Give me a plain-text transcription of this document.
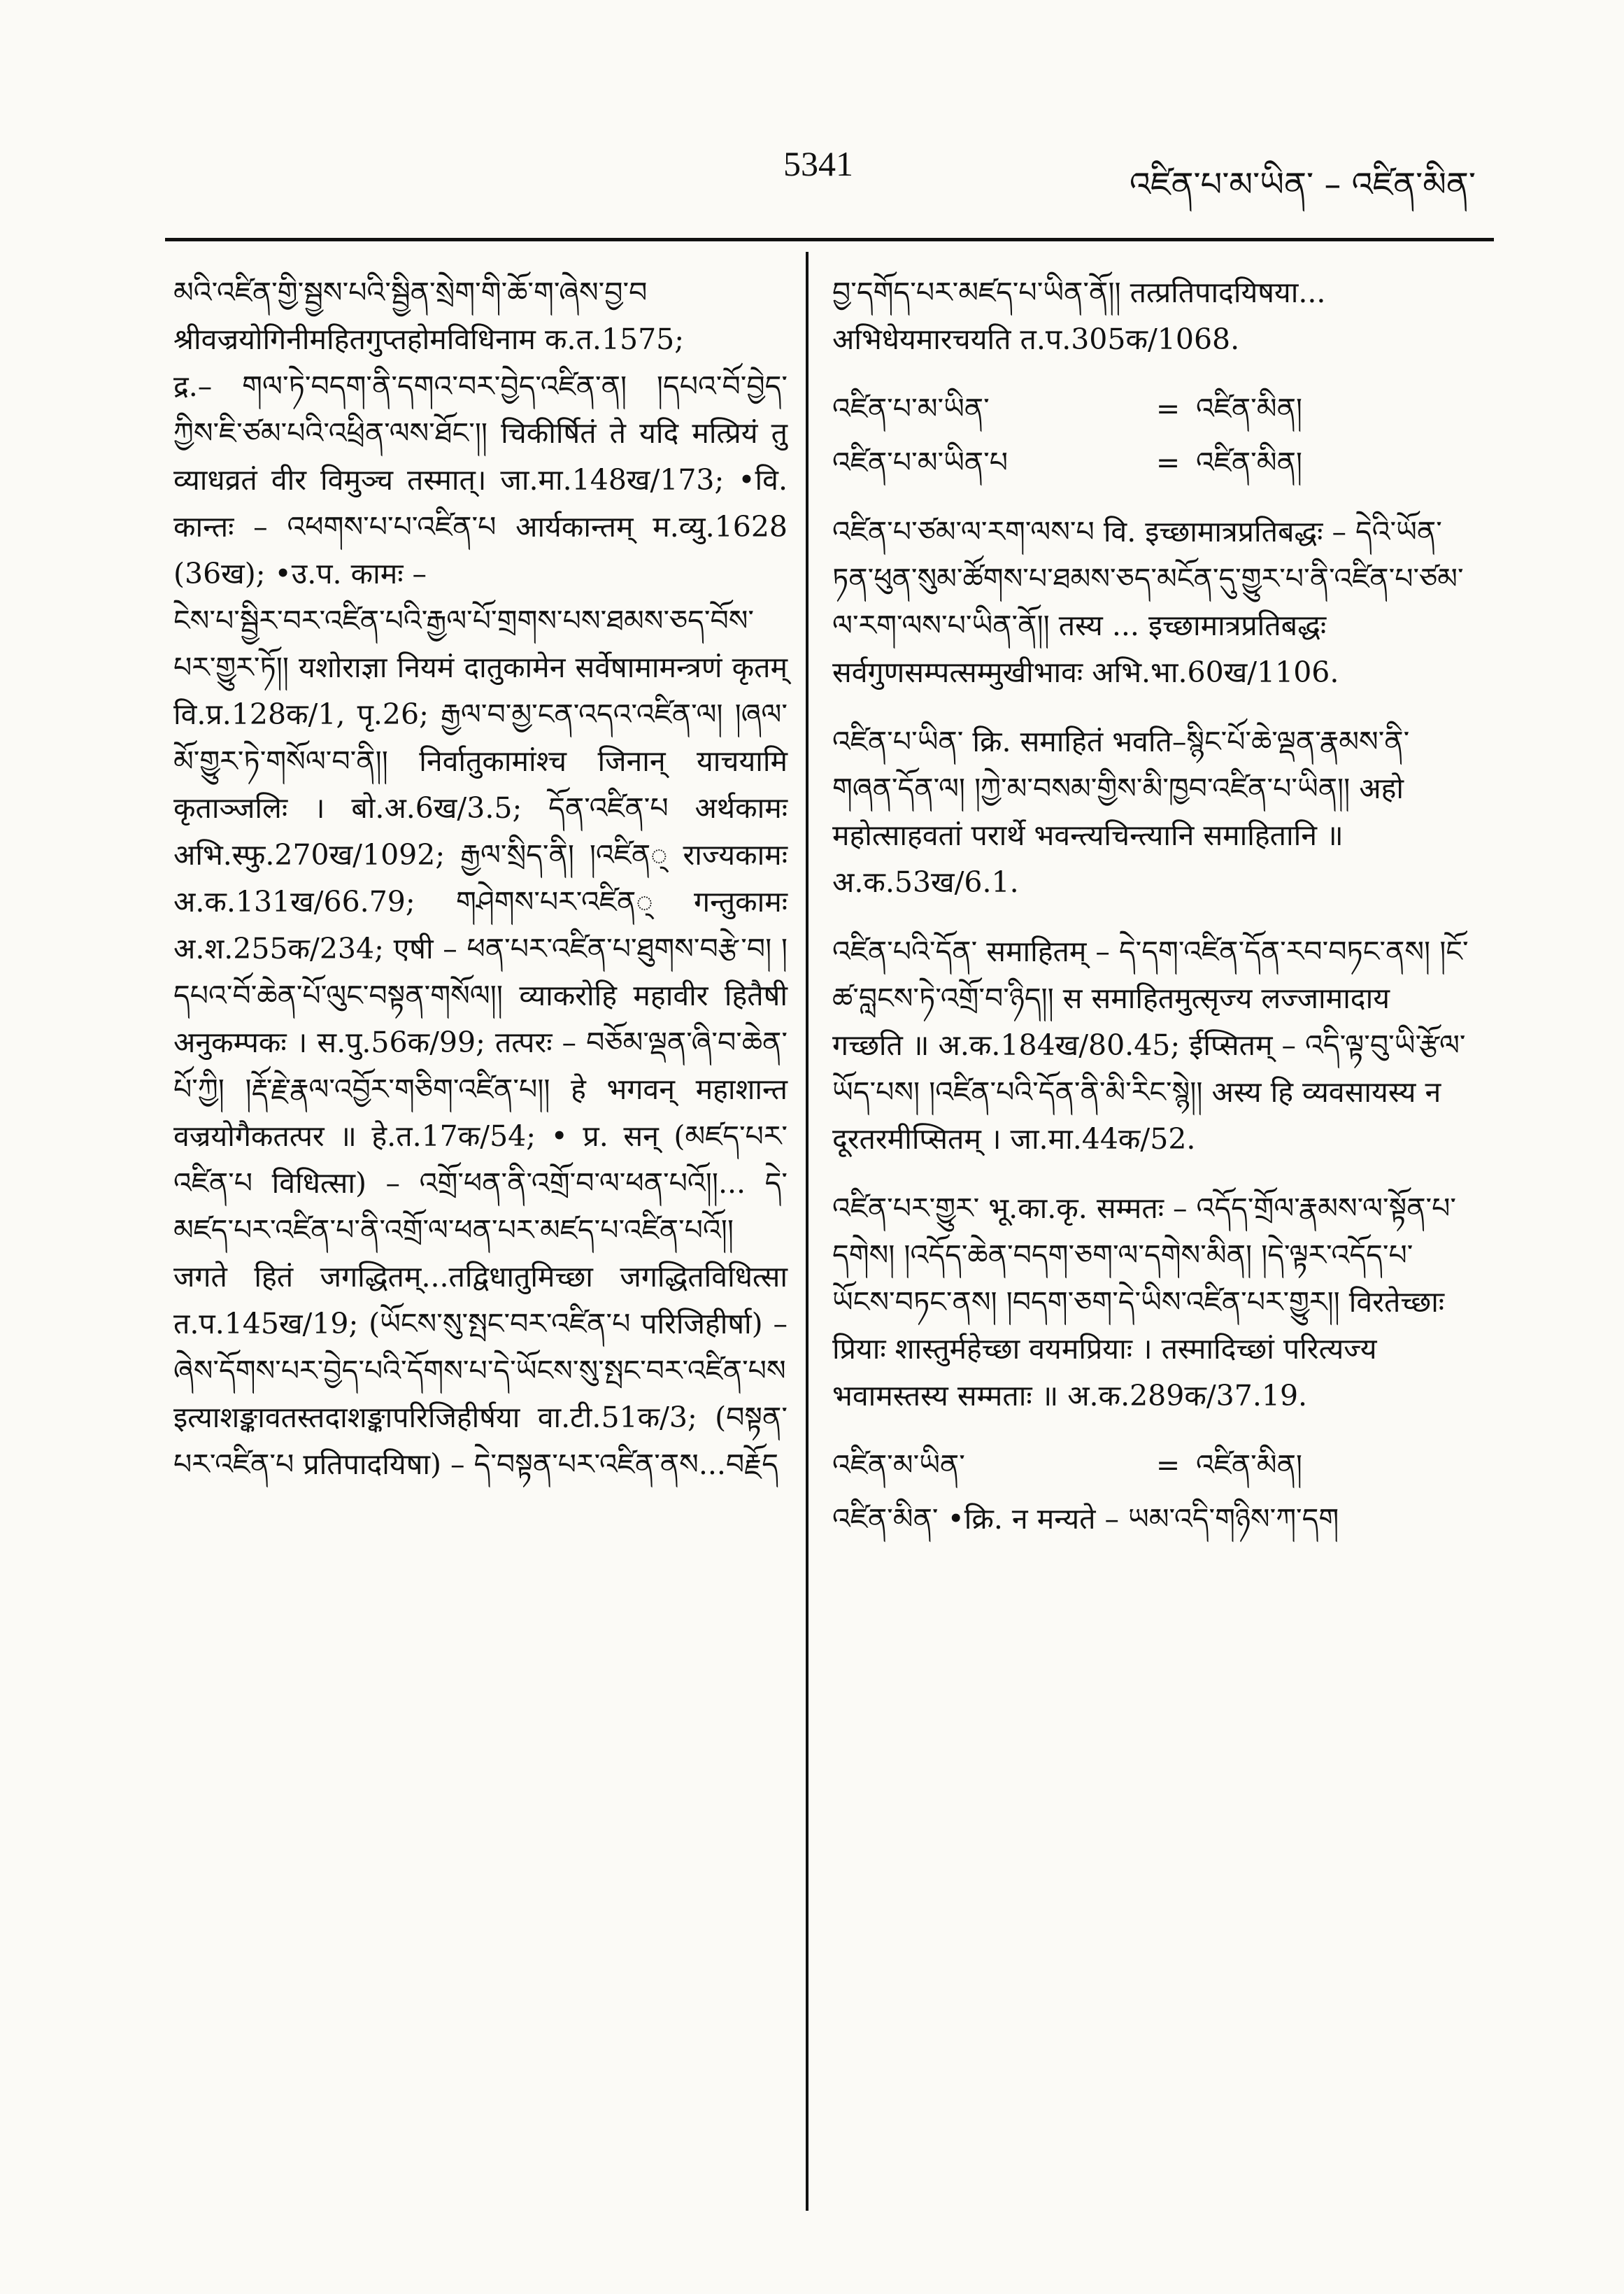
5341
འཛིན་པ་མ་ཡིན་ – འཛིན་མིན་

མའི་འཛིན་གྱི་སྦྱས་པའི་སྦྱིན་སྲེག་གི་ཆོ་ག་ཞེས་བྱ་བ श्रीवज्रयोगिनीमहितगुप्तहोमविधिनाम क.त.1575;

द्र.– གལ་ཏེ་བདག་ནི་དགའ་བར་བྱེད་འཛིན་ན། །དཔའ་བོ་བྱེད་ཀྱིས་ཇི་ཙམ་པའི་འཕྲིན་ལས་ཐོང་།། चिकीर्षितं ते यदि मत्प्रियं तु व्याधव्रतं वीर विमुञ्च तस्मात्। जा.मा.148ख/173; •वि. कान्तः – འཕགས་པ་པ་འཛིན་པ आर्यकान्तम् म.व्यु.1628 (36ख); •उ.प. कामः –

ངེས་པ་སྦྱིར་བར་འཛིན་པའི་རྒྱལ་པོ་གྲགས་པས་ཐམས་ཅད་བོས་པར་གྱུར་ཏོ།། यशोराज्ञा नियमं दातुकामेन सर्वेषामामन्त्रणं कृतम् वि.प्र.128क/1, पृ.26; རྒྱལ་བ་མྱ་ངན་འདའ་འཛིན་ལ། །ཞལ་མོ་གྱུར་ཏེ་གསོལ་བ་ནི།། निर्वातुकामांश्च जिनान् याचयामि कृताञ्जलिः । बो.अ.6ख/3.5; དོན་འཛིན་པ अर्थकामः अभि.स्फु.270ख/1092; རྒྱལ་སྲིད་ནི། །འཛིན् राज्यकामः अ.क.131ख/66.79; གཤེགས་པར་འཛིན् गन्तुकामः अ.श.255क/234; एषी – ཕན་པར་འཛིན་པ་ཐུགས་བརྩེ་བ། །དཔའ་བོ་ཆེན་པོ་ལུང་བསྟན་གསོལ།། व्याकरोहि महावीर हितैषी अनुकम्पकः । स.पु.56क/99; तत्परः – བཅོམ་ལྡན་ཞི་བ་ཆེན་པོ་ཀྱི། །རྡོ་རྗེ་རྣལ་འབྱོར་གཅིག་འཛིན་པ།། हे भगवन् महाशान्त वज्रयोगैकतत्पर ॥ हे.त.17क/54; • प्र. सन् (མཛད་པར་འཛིན་པ विधित्सा) – འགྲོ་ཕན་ནི་འགྲོ་བ་ལ་ཕན་པའོ།།... དེ་མཛད་པར་འཛིན་པ་ནི་འགྲོ་ལ་ཕན་པར་མཛད་པ་འཛིན་པའོ།། जगते हितं जगद्धितम्...तद्विधातुमिच्छा जगद्धितविधित्सा त.प.145ख/19; (ཡོངས་སུ་སྤང་བར་འཛིན་པ परिजिहीर्षा) – ཞེས་དོགས་པར་བྱེད་པའི་དོགས་པ་དེ་ཡོངས་སུ་སྤང་བར་འཛིན་པས इत्याशङ्कावतस्तदाशङ्कापरिजिहीर्षया वा.टी.51क/3; (བསྟན་པར་འཛིན་པ प्रतिपादयिषा) – དེ་བསྟན་པར་འཛིན་ནས...བརྗོད

བྱ་དགོད་པར་མཛད་པ་ཡིན་ནོ།། तत्प्रतिपादयिषया... अभिधेयमारचयति त.प.305क/1068.

འཛིན་པ་མ་ཡིན་	= འཛིན་མིན།

འཛིན་པ་མ་ཡིན་པ	= འཛིན་མིན།

འཛིན་པ་ཙམ་ལ་རག་ལས་པ वि. इच्छामात्रप्रतिबद्धः – དེའི་ཡོན་ཏན་ཕུན་སུམ་ཚོགས་པ་ཐམས་ཅད་མངོན་དུ་གྱུར་པ་ནི་འཛིན་པ་ཙམ་ལ་རག་ལས་པ་ཡིན་ནོ།། तस्य ... इच्छामात्रप्रतिबद्धः सर्वगुणसम्पत्सम्मुखीभावः अभि.भा.60ख/1106.

འཛིན་པ་ཡིན་ क्रि. समाहितं भवति–སྙིང་པོ་ཆེ་ལྡན་རྣམས་ནི་གཞན་དོན་ལ། །ཀྱེ་མ་བསམ་གྱིས་མི་ཁྱབ་འཛིན་པ་ཡིན།། अहो महोत्साहवतां परार्थे भवन्त्यचिन्त्यानि समाहितानि ॥ अ.क.53ख/6.1.

འཛིན་པའི་དོན་ समाहितम् – དེ་དག་འཛིན་དོན་རབ་བཏང་ནས། །ངོ་ཚ་བླངས་ཏེ་འགྲོ་བ་ཉིད།། स समाहितमुत्सृज्य लज्जामादाय गच्छति ॥ अ.क.184ख/80.45; ईप्सितम् – འདི་ལྟ་བུ་ཡི་རྩོལ་ཡོད་པས། །འཛིན་པའི་དོན་ནི་མི་རིང་སྙེ།། अस्य हि व्यवसायस्य न दूरतरमीप्सितम् । जा.मा.44क/52.

འཛིན་པར་གྱུར་ भू.का.कृ. सम्मतः – འདོད་གྲོལ་རྣམས་ལ་སྟོན་པ་དགེས། །འདོད་ཆེན་བདག་ཅག་ལ་དགེས་མིན། །དེ་ལྟར་འདོད་པ་ཡོངས་བཏང་ནས། །བདག་ཅག་དེ་ཡིས་འཛིན་པར་གྱུར།། विरतेच्छाः प्रियाः शास्तुर्महेच्छा वयमप्रियाः । तस्मादिच्छां परित्यज्य भवामस्तस्य सम्मताः ॥ अ.क.289क/37.19.

འཛིན་མ་ཡིན་	= འཛིན་མིན།

འཛིན་མིན་ •क्रि. न मन्यते – ཡམ་འདི་གཉིས་ཀ་དག
